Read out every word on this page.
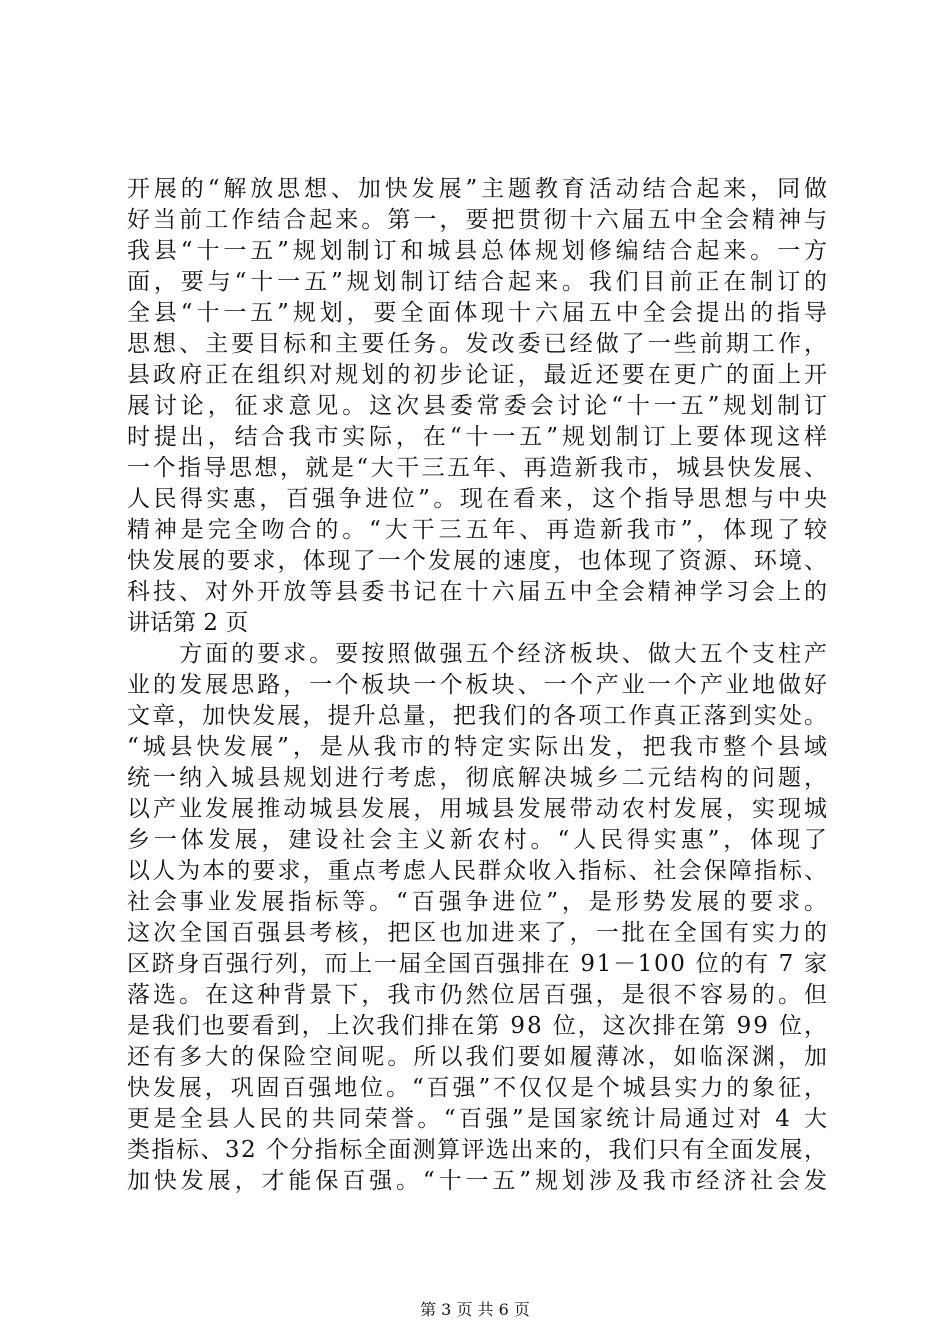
开展的“解放思想、加快发展”主题教育活动结合起来，同做
好当前工作结合起来。第一，要把贯彻十六届五中全会精神与
我县“十一五”规划制订和城县总体规划修编结合起来。一方
面，要与“十一五”规划制订结合起来。我们目前正在制订的
全县“十一五”规划，要全面体现十六届五中全会提出的指导
思想、主要目标和主要任务。发改委已经做了一些前期工作，
县政府正在组织对规划的初步论证，最近还要在更广的面上开
展讨论，征求意见。这次县委常委会讨论“十一五”规划制订
时提出，结合我市实际，在“十一五”规划制订上要体现这样
一个指导思想，就是“大干三五年、再造新我市，城县快发展、
人民得实惠，百强争进位”。现在看来，这个指导思想与中央
精神是完全吻合的。“大干三五年、再造新我市”，体现了较
快发展的要求，体现了一个发展的速度，也体现了资源、环境、
科技、对外开放等县委书记在十六届五中全会精神学习会上的
讲话第 2 页
　　方面的要求。要按照做强五个经济板块、做大五个支柱产
业的发展思路，一个板块一个板块、一个产业一个产业地做好
文章，加快发展，提升总量，把我们的各项工作真正落到实处。
“城县快发展”，是从我市的特定实际出发，把我市整个县域
统一纳入城县规划进行考虑，彻底解决城乡二元结构的问题，
以产业发展推动城县发展，用城县发展带动农村发展，实现城
乡一体发展，建设社会主义新农村。“人民得实惠”，体现了
以人为本的要求，重点考虑人民群众收入指标、社会保障指标、
社会事业发展指标等。“百强争进位”，是形势发展的要求。
这次全国百强县考核，把区也加进来了，一批在全国有实力的
区跻身百强行列，而上一届全国百强排在 91－100 位的有 7 家
落选。在这种背景下，我市仍然位居百强，是很不容易的。但
是我们也要看到，上次我们排在第 98 位，这次排在第 99 位，
还有多大的保险空间呢。所以我们要如履薄冰，如临深渊，加
快发展，巩固百强地位。“百强”不仅仅是个城县实力的象征，
更是全县人民的共同荣誉。“百强”是国家统计局通过对 4 大
类指标、32 个分指标全面测算评选出来的，我们只有全面发展，
加快发展，才能保百强。“十一五”规划涉及我市经济社会发
第 3 页 共 6 页
